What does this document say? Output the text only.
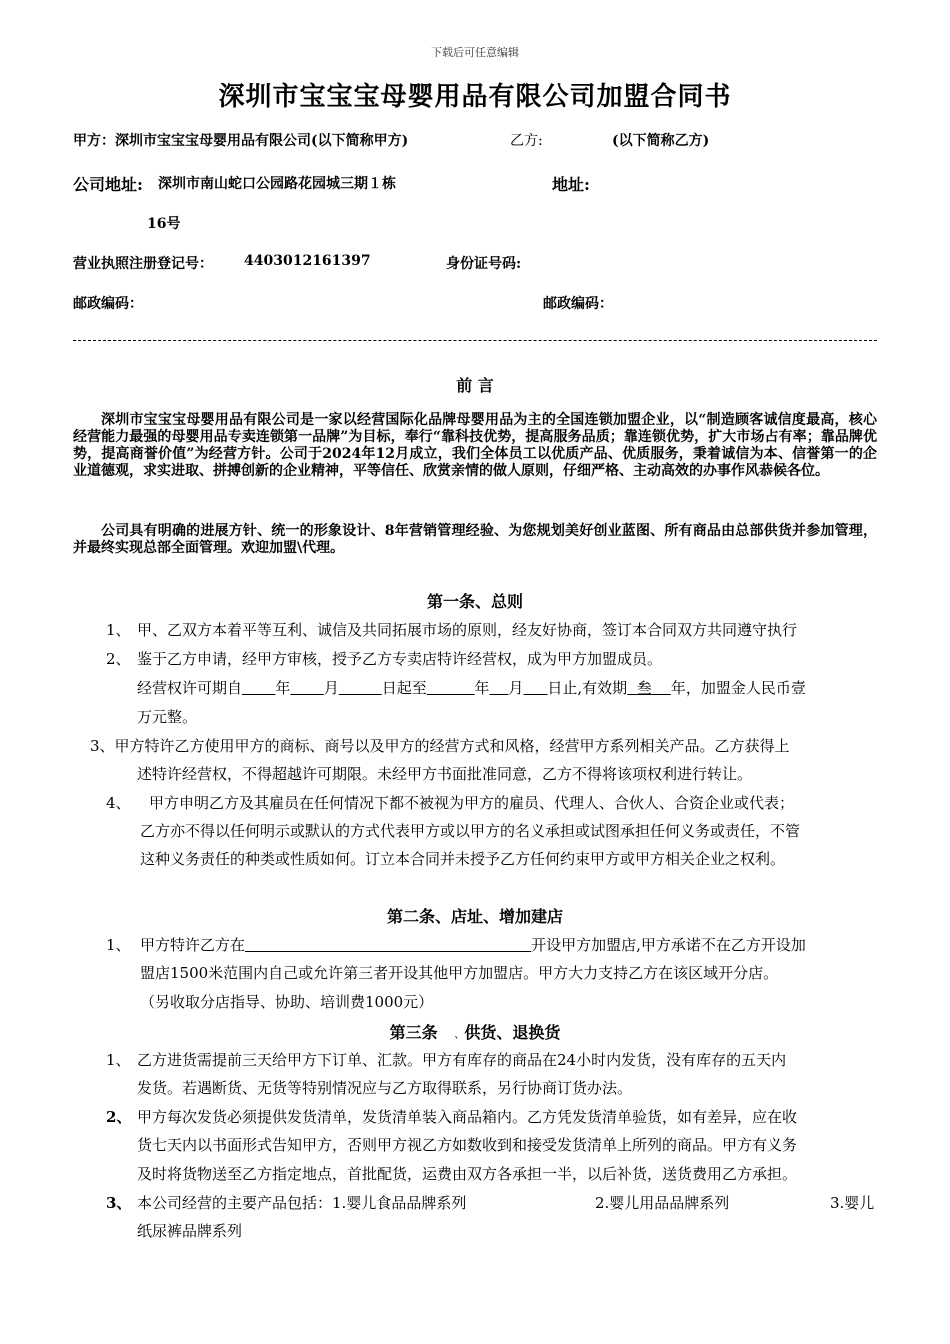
下载后可任意编辑
深圳市宝宝宝母婴用品有限公司加盟合同书
甲方：深圳市宝宝宝母婴用品有限公司(以下简称甲方)	乙方:	(以下简称乙方)
公司地址: 深圳市南山蛇口公园路花园城三期１栋	地址:
16号
营业执照注册登记号： 4403012161397	身份证号码:
邮政编码：	邮政编码：
前 言
深圳市宝宝宝母婴用品有限公司是一家以经营国际化品牌母婴用品为主的全国连锁加盟企业，以“制造顾客诚信度最高，核心经营能力最强的母婴用品专卖连锁第一品牌”为目标，奉行“靠科技优势，提高服务品质；靠连锁优势，扩大市场占有率；靠品牌优势，提高商誉价值”为经营方针。公司于2024年12月成立，我们全体员工以优质产品、优质服务，秉着诚信为本、信誉第一的企业道德观，求实进取、拼搏创新的企业精神，平等信任、欣赏亲情的做人原则，仔细严格、主动高效的办事作风恭候各位。
公司具有明确的进展方针、统一的形象设计、8年营销管理经验、为您规划美好创业蓝图、所有商品由总部供货并参加管理，并最终实现总部全面管理。欢迎加盟\代理。
第一条、总则
1、 甲、乙双方本着平等互利、诚信及共同拓展市场的原则，经友好协商，签订本合同双方共同遵守执行
2、 鉴于乙方申请，经甲方审核，授予乙方专卖店特许经营权，成为甲方加盟成员。
经营权许可期自 年 月	日起至	年 月 日止,有效期 叁 年，加盟金人民币壹
万元整。
3、甲方特许乙方使用甲方的商标、商号以及甲方的经营方式和风格，经营甲方系列相关产品。乙方获得上
述特许经营权，不得超越许可期限。未经甲方书面批准同意，乙方不得将该项权利进行转让。
4、 甲方申明乙方及其雇员在任何情况下都不被视为甲方的雇员、代理人、合伙人、合资企业或代表；
乙方亦不得以任何明示或默认的方式代表甲方或以甲方的名义承担或试图承担任何义务或责任，不管
这种义务责任的种类或性质如何。订立本合同并未授予乙方任何约束甲方或甲方相关企业之权利。
第二条、店址、增加建店
1、 甲方特许乙方在	开设甲方加盟店,甲方承诺不在乙方开设加
盟店1500米范围内自己或允许第三者开设其他甲方加盟店。甲方大力支持乙方在该区域开分店。
（另收取分店指导、协助、培训费1000元）
第三条 、供货、退换货
1、 乙方进货需提前三天给甲方下订单、汇款。甲方有库存的商品在24小时内发货，没有库存的五天内
发货。若遇断货、无货等特别情况应与乙方取得联系，另行协商订货办法。
2、 甲方每次发货必须提供发货清单，发货清单装入商品箱内。乙方凭发货清单验货，如有差异，应在收
货七天内以书面形式告知甲方，否则甲方视乙方如数收到和接受发货清单上所列的商品。甲方有义务
及时将货物送至乙方指定地点，首批配货，运费由双方各承担一半，以后补货，送货费用乙方承担。
3、 本公司经营的主要产品包括：1.婴儿食品品牌系列	2.婴儿用品品牌系列	3.婴儿
纸尿裤品牌系列
